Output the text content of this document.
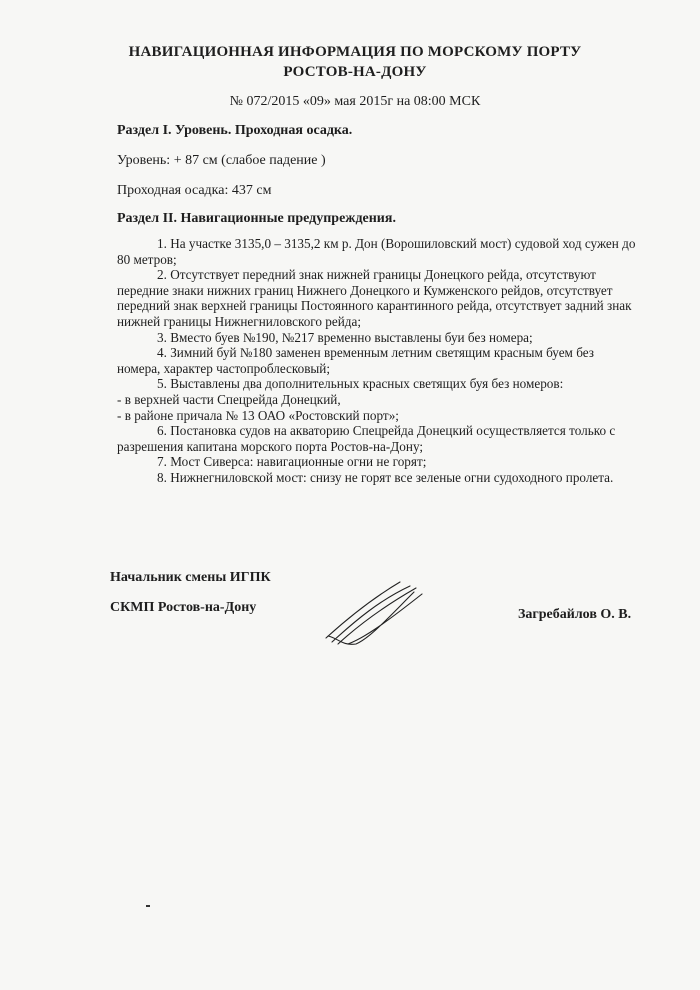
НАВИГАЦИОННАЯ ИНФОРМАЦИЯ ПО МОРСКОМУ ПОРТУ РОСТОВ-НА-ДОНУ
№ 072/2015 «09» мая 2015г на 08:00 МСК
Раздел I. Уровень. Проходная осадка.
Уровень: + 87 см (слабое падение )
Проходная осадка: 437 см
Раздел II. Навигационные предупреждения.

1. На участке 3135,0 – 3135,2 км р. Дон (Ворошиловский мост) судовой ход сужен до 80 метров;

2. Отсутствует передний знак нижней границы Донецкого рейда, отсутствуют передние знаки нижних границ Нижнего Донецкого и Кумженского рейдов, отсутствует передний знак верхней границы Постоянного карантинного рейда, отсутствует задний знак нижней границы Нижнегниловского рейда;

3. Вместо буев №190, №217 временно выставлены буи без номера;

4. Зимний буй №180 заменен временным летним светящим красным буем без номера, характер частопроблесковый;

5. Выставлены два дополнительных красных светящих буя без номеров:

- в верхней части Спецрейда Донецкий,

- в районе причала № 13 ОАО «Ростовский порт»;

6. Постановка судов на акваторию Спецрейда Донецкий осуществляется только с разрешения капитана морского порта Ростов-на-Дону;

7. Мост Сиверса: навигационные огни не горят;

8. Нижнегниловской мост: снизу не горят все зеленые огни судоходного пролета.

Начальник смены ИГПК
СКМП Ростов-на-Дону	Загребайлов О. В.
